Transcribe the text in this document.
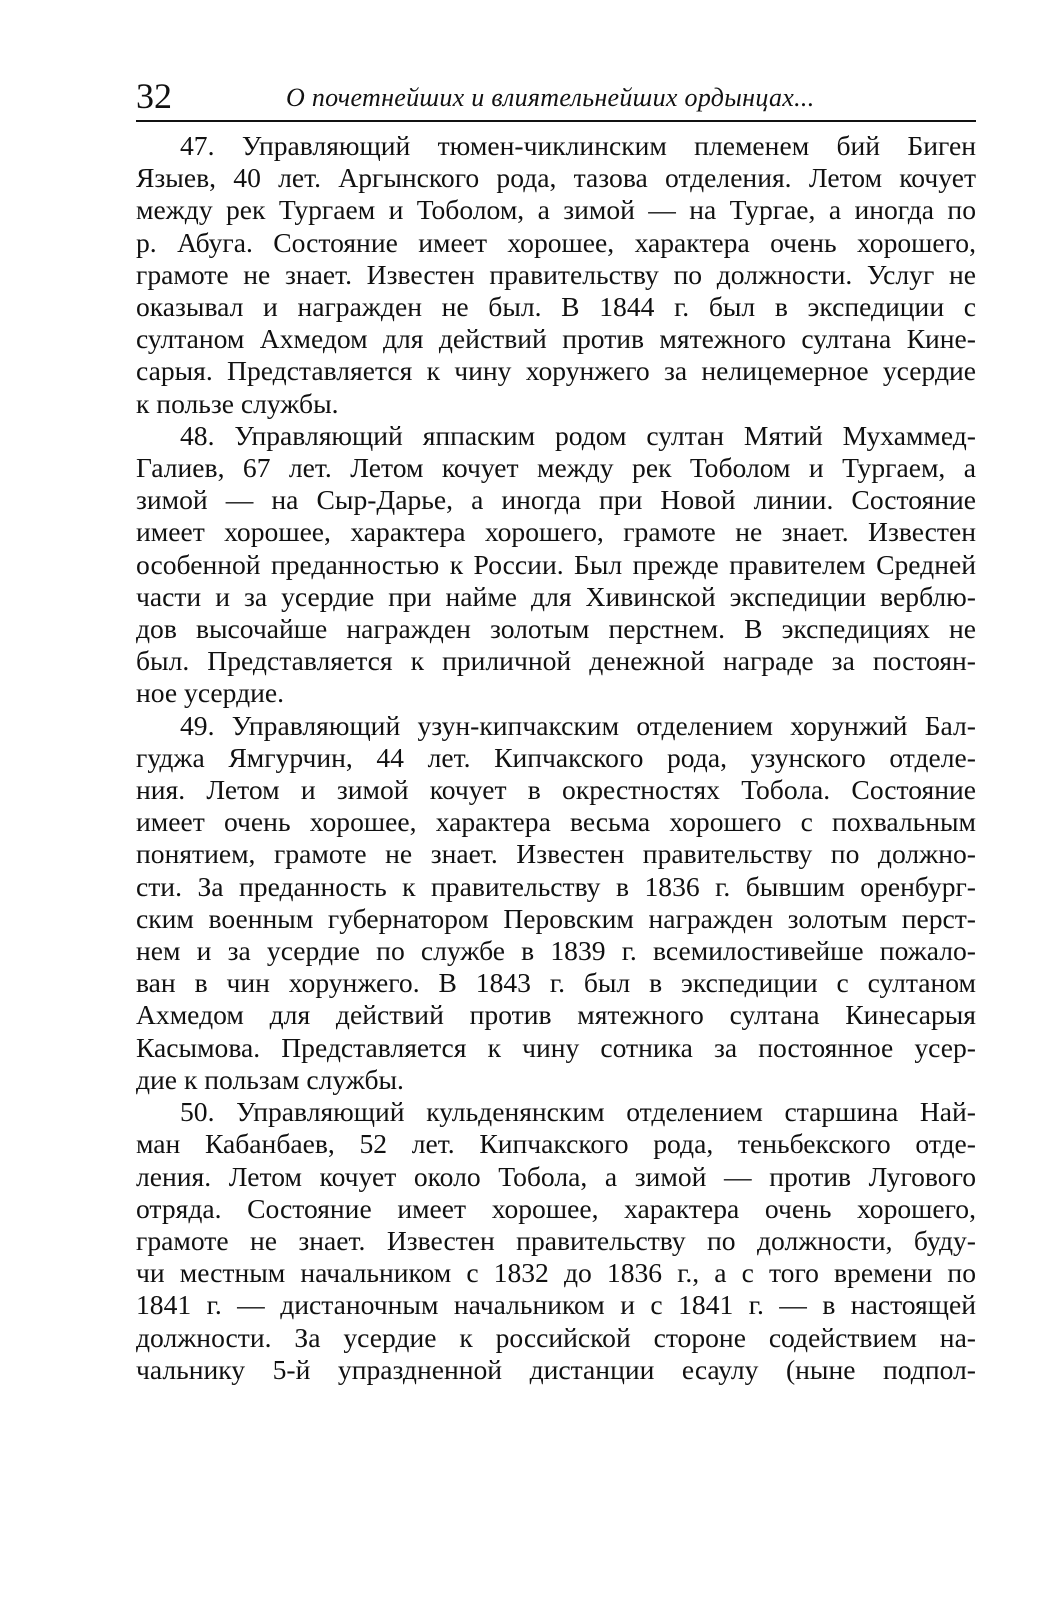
32	О почетнейших и влиятельнейших ордынцах...
47. Управляющий тюмен-чиклинским племенем бий Биген
Языев, 40 лет. Аргынского рода, тазова отделения. Летом кочует
между рек Тургаем и Тоболом, а зимой — на Тургае, а иногда по
р. Абуга. Состояние имеет хорошее, характера очень хорошего,
грамоте не знает. Известен правительству по должности. Услуг не
оказывал и награжден не был. В 1844 г. был в экспедиции с
султаном Ахмедом для действий против мятежного султана Кине-
сарыя. Представляется к чину хорунжего за нелицемерное усердие
к пользе службы.
48. Управляющий яппаским родом султан Мятий Мухаммед-
Галиев, 67 лет. Летом кочует между рек Тоболом и Тургаем, а
зимой — на Сыр-Дарье, а иногда при Новой линии. Состояние
имеет хорошее, характера хорошего, грамоте не знает. Известен
особенной преданностью к России. Был прежде правителем Средней
части и за усердие при найме для Хивинской экспедиции верблю-
дов высочайше награжден золотым перстнем. В экспедициях не
был. Представляется к приличной денежной награде за постоян-
ное усердие.
49. Управляющий узун-кипчакским отделением хорунжий Бал-
гуджа Ямгурчин, 44 лет. Кипчакского рода, узунского отделе-
ния. Летом и зимой кочует в окрестностях Тобола. Состояние
имеет очень хорошее, характера весьма хорошего с похвальным
понятием, грамоте не знает. Известен правительству по должно-
сти. За преданность к правительству в 1836 г. бывшим оренбург-
ским военным губернатором Перовским награжден золотым перст-
нем и за усердие по службе в 1839 г. всемилостивейше пожало-
ван в чин хорунжего. В 1843 г. был в экспедиции с султаном
Ахмедом для действий против мятежного султана Кинесарыя
Касымова. Представляется к чину сотника за постоянное усер-
дие к пользам службы.
50. Управляющий кульденянским отделением старшина Най-
ман Кабанбаев, 52 лет. Кипчакского рода, теньбекского отде-
ления. Летом кочует около Тобола, а зимой — против Лугового
отряда. Состояние имеет хорошее, характера очень хорошего,
грамоте не знает. Известен правительству по должности, буду-
чи местным начальником с 1832 до 1836 г., а с того времени по
1841 г. — дистаночным начальником и с 1841 г. — в настоящей
должности. За усердие к российской стороне содействием на-
чальнику 5-й упраздненной дистанции есаулу (ныне подпол-
